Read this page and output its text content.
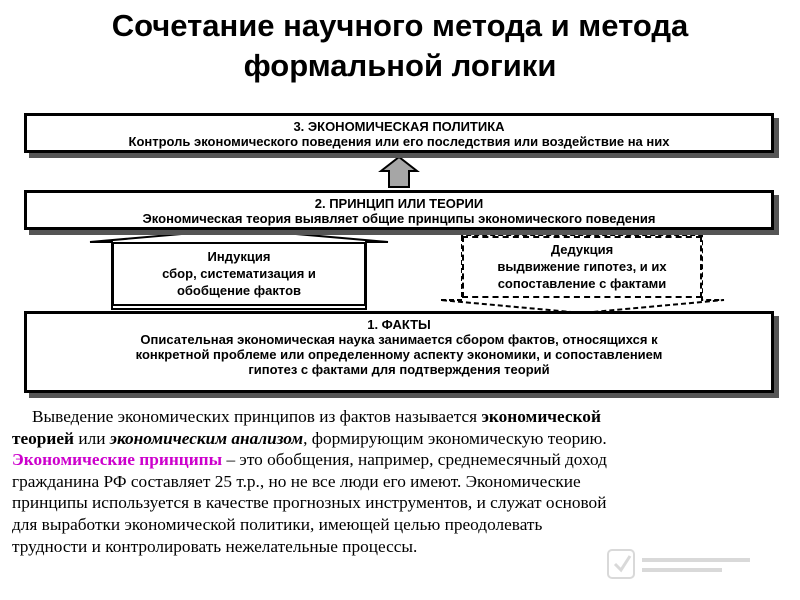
Сочетание научного метода и метода
формальной логики
3. ЭКОНОМИЧЕСКАЯ ПОЛИТИКА
Контроль экономического поведения или его последствия или воздействие на них
2. ПРИНЦИП ИЛИ ТЕОРИИ
Экономическая теория выявляет общие принципы экономического поведения
Индукция
сбор, систематизация и
обобщение фактов
Дедукция
выдвижение гипотез, и их
сопоставление с фактами
1. ФАКТЫ
Описательная экономическая наука занимается сбором фактов, относящихся к
конкретной проблеме или определенному аспекту экономики, и сопоставлением
гипотез с фактами для подтверждения теорий
Выведение экономических принципов из фактов называется экономической
теорией или экономическим анализом, формирующим экономическую теорию.
Экономические принципы – это обобщения, например, среднемесячный доход
гражданина РФ составляет 25 т.р., но не все люди его имеют. Экономические
принципы используется в качестве прогнозных инструментов, и служат основой
для выработки экономической политики, имеющей целью преодолевать
трудности и контролировать нежелательные процессы.
